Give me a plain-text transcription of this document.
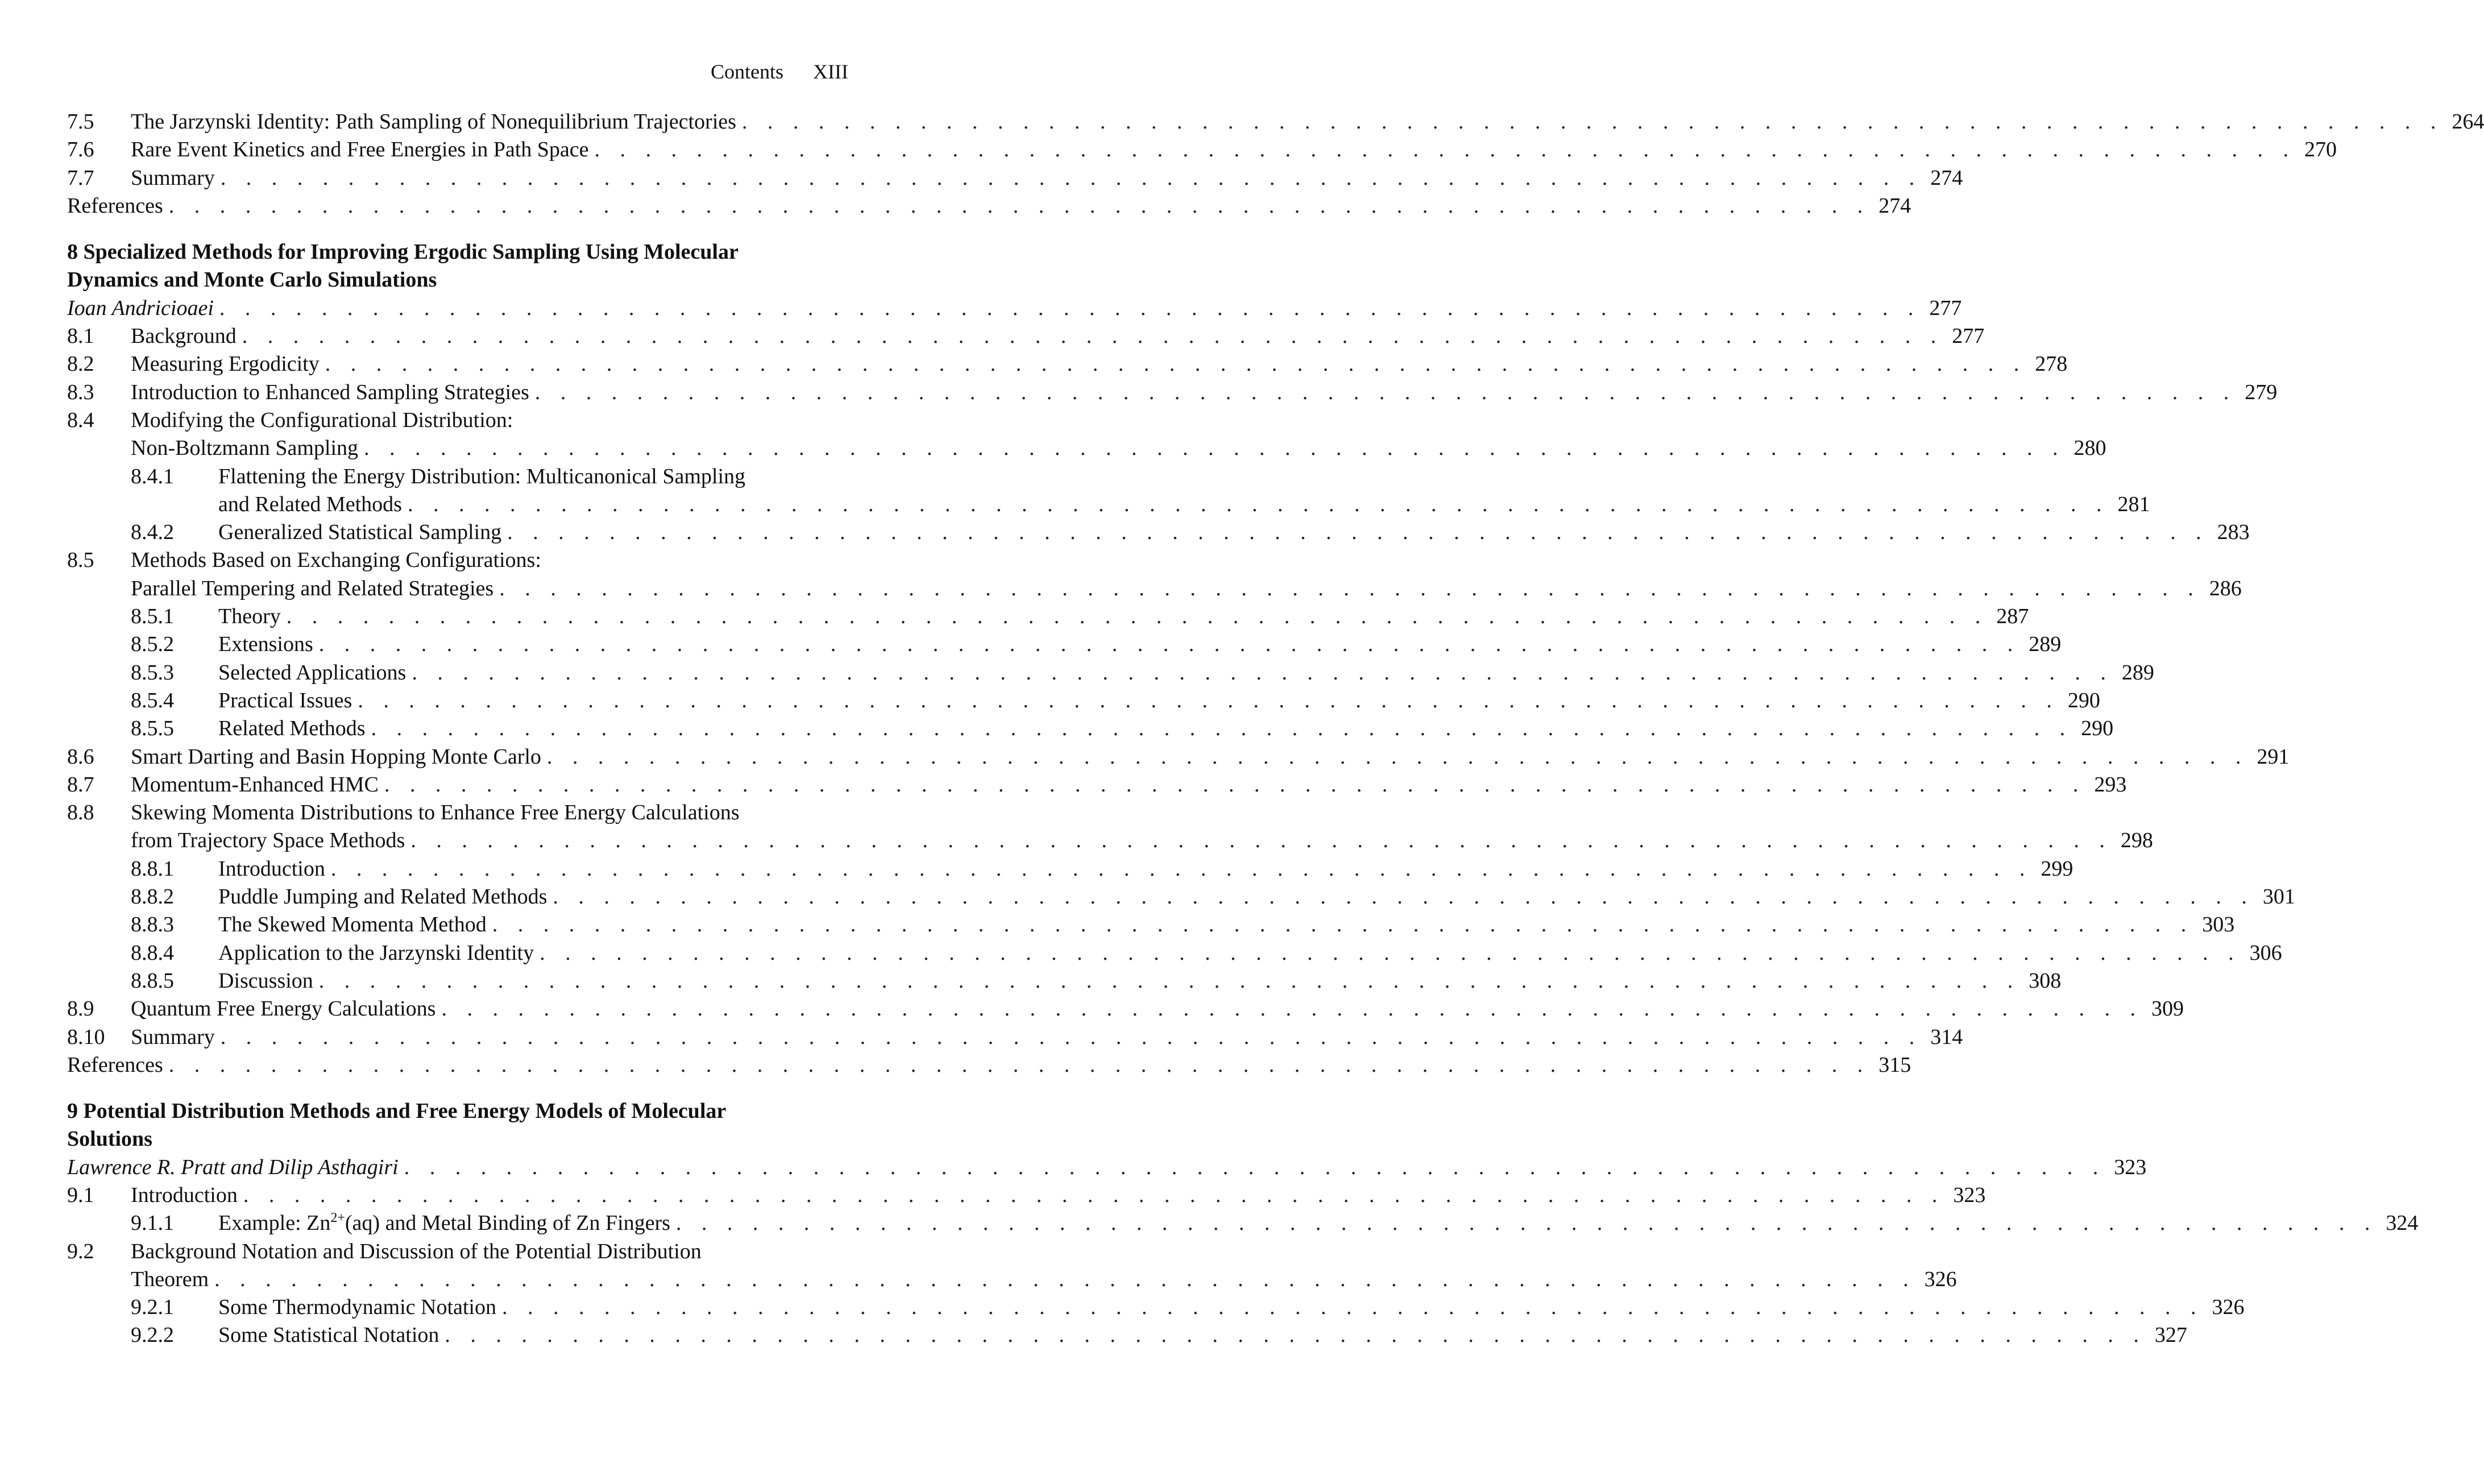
Contents XIII
7.5 The Jarzynski Identity: Path Sampling of Nonequilibrium Trajectories . . . . . . . . . . . . . . . . . . . . . . . . . . . . . . . . . . . . . . . . . . . . . . . . . . . . . . . . . . . . . . . . . . . 264
7.6 Rare Event Kinetics and Free Energies in Path Space . . . . . . . . . . . . . . . . . . . . . . . . . . . . . . . . . . . . . . . . . . . . . . . . . . . . . . . . . . . . . . . . . . . 270
7.7 Summary . . . . . . . . . . . . . . . . . . . . . . . . . . . . . . . . . . . . . . . . . . . . . . . . . . . . . . . . . . . . . . . . . . . 274
References . . . . . . . . . . . . . . . . . . . . . . . . . . . . . . . . . . . . . . . . . . . . . . . . . . . . . . . . . . . . . . . . . . . 274
8 Specialized Methods for Improving Ergodic Sampling Using Molecular
Dynamics and Monte Carlo Simulations
Ioan Andricioaei . . . . . . . . . . . . . . . . . . . . . . . . . . . . . . . . . . . . . . . . . . . . . . . . . . . . . . . . . . . . . . . . . . . 277
8.1 Background . . . . . . . . . . . . . . . . . . . . . . . . . . . . . . . . . . . . . . . . . . . . . . . . . . . . . . . . . . . . . . . . . . . 277
8.2 Measuring Ergodicity . . . . . . . . . . . . . . . . . . . . . . . . . . . . . . . . . . . . . . . . . . . . . . . . . . . . . . . . . . . . . . . . . . . 278
8.3 Introduction to Enhanced Sampling Strategies . . . . . . . . . . . . . . . . . . . . . . . . . . . . . . . . . . . . . . . . . . . . . . . . . . . . . . . . . . . . . . . . . . . 279
8.4 Modifying the Configurational Distribution:
Non-Boltzmann Sampling . . . . . . . . . . . . . . . . . . . . . . . . . . . . . . . . . . . . . . . . . . . . . . . . . . . . . . . . . . . . . . . . . . . 280
8.4.1 Flattening the Energy Distribution: Multicanonical Sampling
and Related Methods . . . . . . . . . . . . . . . . . . . . . . . . . . . . . . . . . . . . . . . . . . . . . . . . . . . . . . . . . . . . . . . . . . . 281
8.4.2 Generalized Statistical Sampling . . . . . . . . . . . . . . . . . . . . . . . . . . . . . . . . . . . . . . . . . . . . . . . . . . . . . . . . . . . . . . . . . . . 283
8.5 Methods Based on Exchanging Configurations:
Parallel Tempering and Related Strategies . . . . . . . . . . . . . . . . . . . . . . . . . . . . . . . . . . . . . . . . . . . . . . . . . . . . . . . . . . . . . . . . . . . 286
8.5.1 Theory . . . . . . . . . . . . . . . . . . . . . . . . . . . . . . . . . . . . . . . . . . . . . . . . . . . . . . . . . . . . . . . . . . . 287
8.5.2 Extensions . . . . . . . . . . . . . . . . . . . . . . . . . . . . . . . . . . . . . . . . . . . . . . . . . . . . . . . . . . . . . . . . . . . 289
8.5.3 Selected Applications . . . . . . . . . . . . . . . . . . . . . . . . . . . . . . . . . . . . . . . . . . . . . . . . . . . . . . . . . . . . . . . . . . . 289
8.5.4 Practical Issues . . . . . . . . . . . . . . . . . . . . . . . . . . . . . . . . . . . . . . . . . . . . . . . . . . . . . . . . . . . . . . . . . . . 290
8.5.5 Related Methods . . . . . . . . . . . . . . . . . . . . . . . . . . . . . . . . . . . . . . . . . . . . . . . . . . . . . . . . . . . . . . . . . . . 290
8.6 Smart Darting and Basin Hopping Monte Carlo . . . . . . . . . . . . . . . . . . . . . . . . . . . . . . . . . . . . . . . . . . . . . . . . . . . . . . . . . . . . . . . . . . . 291
8.7 Momentum-Enhanced HMC . . . . . . . . . . . . . . . . . . . . . . . . . . . . . . . . . . . . . . . . . . . . . . . . . . . . . . . . . . . . . . . . . . . 293
8.8 Skewing Momenta Distributions to Enhance Free Energy Calculations
from Trajectory Space Methods . . . . . . . . . . . . . . . . . . . . . . . . . . . . . . . . . . . . . . . . . . . . . . . . . . . . . . . . . . . . . . . . . . . 298
8.8.1 Introduction . . . . . . . . . . . . . . . . . . . . . . . . . . . . . . . . . . . . . . . . . . . . . . . . . . . . . . . . . . . . . . . . . . . 299
8.8.2 Puddle Jumping and Related Methods . . . . . . . . . . . . . . . . . . . . . . . . . . . . . . . . . . . . . . . . . . . . . . . . . . . . . . . . . . . . . . . . . . . 301
8.8.3 The Skewed Momenta Method . . . . . . . . . . . . . . . . . . . . . . . . . . . . . . . . . . . . . . . . . . . . . . . . . . . . . . . . . . . . . . . . . . . 303
8.8.4 Application to the Jarzynski Identity . . . . . . . . . . . . . . . . . . . . . . . . . . . . . . . . . . . . . . . . . . . . . . . . . . . . . . . . . . . . . . . . . . . 306
8.8.5 Discussion . . . . . . . . . . . . . . . . . . . . . . . . . . . . . . . . . . . . . . . . . . . . . . . . . . . . . . . . . . . . . . . . . . . 308
8.9 Quantum Free Energy Calculations . . . . . . . . . . . . . . . . . . . . . . . . . . . . . . . . . . . . . . . . . . . . . . . . . . . . . . . . . . . . . . . . . . . 309
8.10 Summary . . . . . . . . . . . . . . . . . . . . . . . . . . . . . . . . . . . . . . . . . . . . . . . . . . . . . . . . . . . . . . . . . . . 314
References . . . . . . . . . . . . . . . . . . . . . . . . . . . . . . . . . . . . . . . . . . . . . . . . . . . . . . . . . . . . . . . . . . . 315
9 Potential Distribution Methods and Free Energy Models of Molecular
Solutions
Lawrence R. Pratt and Dilip Asthagiri . . . . . . . . . . . . . . . . . . . . . . . . . . . . . . . . . . . . . . . . . . . . . . . . . . . . . . . . . . . . . . . . . . . 323
9.1 Introduction . . . . . . . . . . . . . . . . . . . . . . . . . . . . . . . . . . . . . . . . . . . . . . . . . . . . . . . . . . . . . . . . . . . 323
9.1.1 Example: $Zn^{2+}(aq)$ and Metal Binding of Zn Fingers . . . . . . . . . . . . . . . . . . . . . . . . . . . . . . . . . . . . . . . . . . . . . . . . . . . . . . . . . . . . . . . . . . . 324
9.2 Background Notation and Discussion of the Potential Distribution
Theorem . . . . . . . . . . . . . . . . . . . . . . . . . . . . . . . . . . . . . . . . . . . . . . . . . . . . . . . . . . . . . . . . . . . 326
9.2.1 Some Thermodynamic Notation . . . . . . . . . . . . . . . . . . . . . . . . . . . . . . . . . . . . . . . . . . . . . . . . . . . . . . . . . . . . . . . . . . . 326
9.2.2 Some Statistical Notation . . . . . . . . . . . . . . . . . . . . . . . . . . . . . . . . . . . . . . . . . . . . . . . . . . . . . . . . . . . . . . . . . . . 327
